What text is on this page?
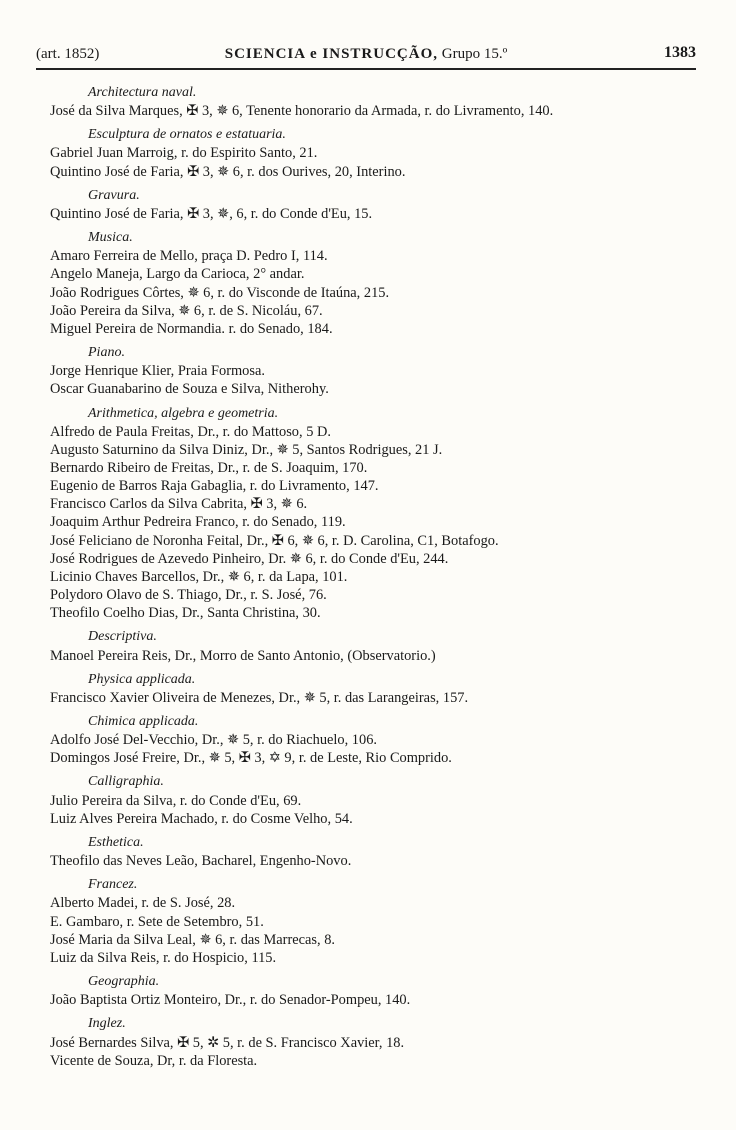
(art. 1852)	SCIENCIA e INSTRUCÇÃO, Grupo 15.º	1383
Architectura naval.
José da Silva Marques, ✠ 3, ✵ 6, Tenente honorario da Armada, r. do Livramento, 140.
Esculptura de ornatos e estatuaria.
Gabriel Juan Marroig, r. do Espirito Santo, 21.
Quintino José de Faria, ✠ 3, ✵ 6, r. dos Ourives, 20, Interino.
Gravura.
Quintino José de Faria, ✠ 3, ✵, 6, r. do Conde d'Eu, 15.
Musica.
Amaro Ferreira de Mello, praça D. Pedro I, 114.
Angelo Maneja, Largo da Carioca, 2° andar.
João Rodrigues Côrtes, ✵ 6, r. do Visconde de Itaúna, 215.
João Pereira da Silva, ✵ 6, r. de S. Nicoláu, 67.
Miguel Pereira de Normandia. r. do Senado, 184.
Piano.
Jorge Henrique Klier, Praia Formosa.
Oscar Guanabarino de Souza e Silva, Nitherohy.
Arithmetica, algebra e geometria.
Alfredo de Paula Freitas, Dr., r. do Mattoso, 5 D.
Augusto Saturnino da Silva Diniz, Dr., ✵ 5, Santos Rodrigues, 21 J.
Bernardo Ribeiro de Freitas, Dr., r. de S. Joaquim, 170.
Eugenio de Barros Raja Gabaglia, r. do Livramento, 147.
Francisco Carlos da Silva Cabrita, ✠ 3, ✵ 6.
Joaquim Arthur Pedreira Franco, r. do Senado, 119.
José Feliciano de Noronha Feital, Dr., ✠ 6, ✵ 6, r. D. Carolina, C1, Botafogo.
José Rodrigues de Azevedo Pinheiro, Dr. ✵ 6, r. do Conde d'Eu, 244.
Licinio Chaves Barcellos, Dr., ✵ 6, r. da Lapa, 101.
Polydoro Olavo de S. Thiago, Dr., r. S. José, 76.
Theofilo Coelho Dias, Dr., Santa Christina, 30.
Descriptiva.
Manoel Pereira Reis, Dr., Morro de Santo Antonio, (Observatorio.)
Physica applicada.
Francisco Xavier Oliveira de Menezes, Dr., ✵ 5, r. das Larangeiras, 157.
Chimica applicada.
Adolfo José Del-Vecchio, Dr., ✵ 5, r. do Riachuelo, 106.
Domingos José Freire, Dr., ✵ 5, ✠ 3, ✡ 9, r. de Leste, Rio Comprido.
Calligraphia.
Julio Pereira da Silva, r. do Conde d'Eu, 69.
Luiz Alves Pereira Machado, r. do Cosme Velho, 54.
Esthetica.
Theofilo das Neves Leão, Bacharel, Engenho-Novo.
Francez.
Alberto Madei, r. de S. José, 28.
E. Gambaro, r. Sete de Setembro, 51.
José Maria da Silva Leal, ✵ 6, r. das Marrecas, 8.
Luiz da Silva Reis, r. do Hospicio, 115.
Geographia.
João Baptista Ortiz Monteiro, Dr., r. do Senador-Pompeu, 140.
Inglez.
José Bernardes Silva, ✠ 5, ✲ 5, r. de S. Francisco Xavier, 18.
Vicente de Souza, Dr, r. da Floresta.
